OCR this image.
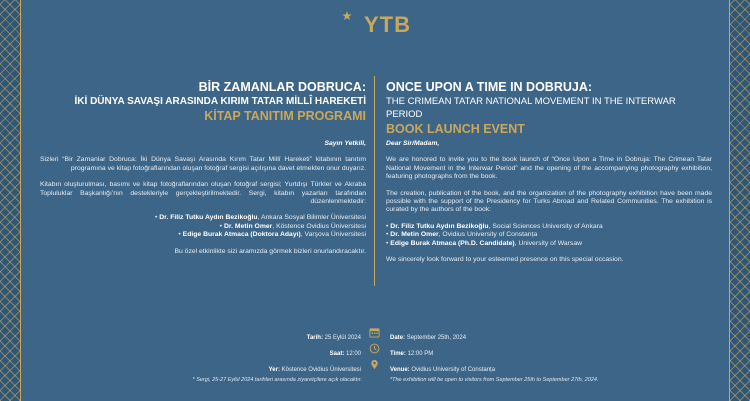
YTB
BİR ZAMANLAR DOBRUCA:
İKİ DÜNYA SAVAŞI ARASINDA KIRIM TATAR MİLLÎ HAREKETİ
KİTAP TANITIM PROGRAMI
ONCE UPON A TIME IN DOBRUJA:
THE CRIMEAN TATAR NATIONAL MOVEMENT IN THE INTERWAR PERIOD
BOOK LAUNCH EVENT

Sayın Yetkili,

Sizleri “Bir Zamanlar Dobruca: İki Dünya Savaşı Arasında Kırım Tatar Millî Hareketi” kitabının tanıtım programına ve kitap fotoğraflarından oluşan fotoğraf sergisi açılışına davet etmekten onur duyarız.

Kitabın oluşturulması, basımı ve kitap fotoğraflarından oluşan fotoğraf sergisi; Yurtdışı Türkler ve Akraba Topluluklar Başkanlığı’nın destekleriyle gerçekleştirilmektedir. Sergi, kitabın yazarları tarafından düzenlenmektedir:

• Dr. Filiz Tutku Aydın Bezikoğlu, Ankara Sosyal Bilimler Üniversitesi
• Dr. Metin Omer, Köstence Ovidius Üniversitesi
• Edige Burak Atmaca (Doktora Adayı), Varşova Üniversitesi

Bu özel etkinlikte sizi aramızda görmek bizleri onurlandıracaktır.

Dear Sir/Madam,

We are honored to invite you to the book launch of “Once Upon a Time in Dobruja: The Crimean Tatar National Movement in the Interwar Period” and the opening of the accompanying photography exhibition, featuring photographs from the book.

The creation, publication of the book, and the organization of the photography exhibition have been made possible with the support of the Presidency for Turks Abroad and Related Communities. The exhibition is curated by the authors of the book:

• Dr. Filiz Tutku Aydın Bezikoğlu, Social Sciences University of Ankara
• Dr. Metin Omer, Ovidius University of Constanța
• Edige Burak Atmaca (Ph.D. Candidate), University of Warsaw

We sincerely look forward to your esteemed presence on this special occasion.

Tarih: 25 Eylül 2024
Saat: 12:00
Yer: Köstence Ovidius Üniversitesi
Date: September 25th, 2024
Time: 12:00 PM
Venue: Ovidius University of Constanța
* Sergi, 25-27 Eylül 2024 tarihleri arasında ziyaretçilere açık olacaktır.	*The exhibition will be open to visitors from September 25th to September 27th, 2024.
